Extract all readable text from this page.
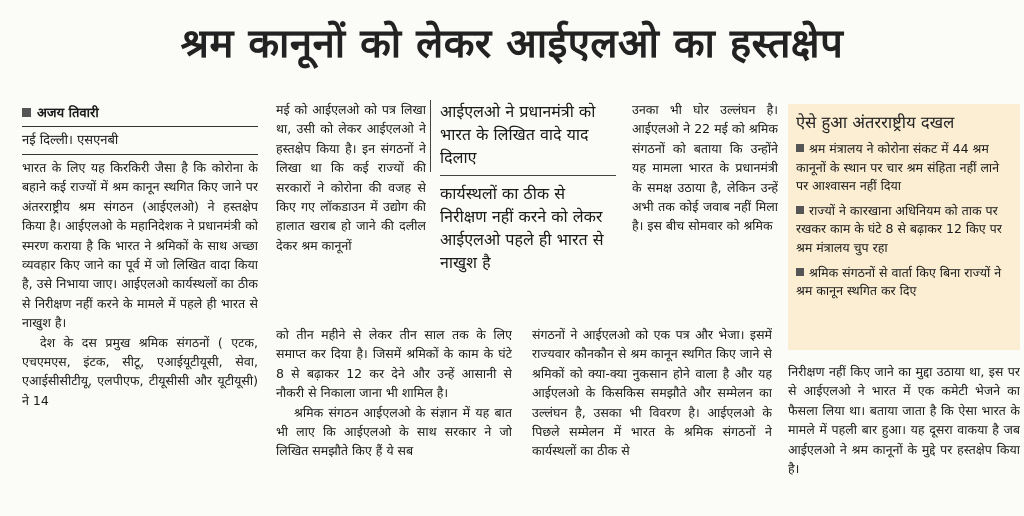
श्रम कानूनों को लेकर आईएलओ का हस्तक्षेप
अजय तिवारी
नई दिल्ली। एसएनबी

भारत के लिए यह किरकिरी जैसा है कि कोरोना के बहाने कई राज्यों में श्रम कानून स्थगित किए जाने पर अंतरराष्ट्रीय श्रम संगठन (आईएलओ) ने हस्तक्षेप किया है। आईएलओ के महानिदेशक ने प्रधानमंत्री को स्मरण कराया है कि भारत ने श्रमिकों के साथ अच्छा व्यवहार किए जाने का पूर्व में जो लिखित वादा किया है, उसे निभाया जाए। आईएलओ कार्यस्थलों का ठीक से निरीक्षण नहीं करने के मामले में पहले ही भारत से नाखुश है।

देश के दस प्रमुख श्रमिक संगठनों ( एटक, एचएमएस, इंटक, सीटू, एआईयूटीयूसी, सेवा, एआईसीसीटीयू, एलपीएफ, टीयूसीसी और यूटीयूसी) ने 14

मई को आईएलओ को पत्र लिखा था, उसी को लेकर आईएलओ ने हस्तक्षेप किया है। इन संगठनों ने लिखा था कि कई राज्यों की सरकारों ने कोरोना की वजह से किए गए लॉकडाउन में उद्योग की हालात खराब हो जाने की दलील देकर श्रम कानूनों

आईएलओ ने प्रधानमंत्री को भारत के लिखित वादे याद दिलाए
कार्यस्थलों का ठीक से निरीक्षण नहीं करने को लेकर आईएलओ पहले ही भारत से नाखुश है

को तीन महीने से लेकर तीन साल तक के लिए समाप्त कर दिया है। जिसमें श्रमिकों के काम के घंटे 8 से बढ़ाकर 12 कर देने और उन्हें आसानी से नौकरी से निकाला जाना भी शामिल है।

श्रमिक संगठन आईएलओ के संज्ञान में यह बात भी लाए कि आईएलओ के साथ सरकार ने जो लिखित समझौते किए हैं ये सब

उनका भी घोर उल्लंघन है। आईएलओ ने 22 मई को श्रमिक संगठनों को बताया कि उन्होंने यह मामला भारत के प्रधानमंत्री के समक्ष उठाया है, लेकिन उन्हें अभी तक कोई जवाब नहीं मिला है। इस बीच सोमवार को श्रमिक

संगठनों ने आईएलओ को एक पत्र और भेजा। इसमें राज्यवार कौनकौन से श्रम कानून स्थगित किए जाने से श्रमिकों को क्या-क्या नुकसान होने वाला है और यह आईएलओ के किसकिस समझौते और सम्मेलन का उल्लंघन है, उसका भी विवरण है। आईएलओ के पिछले सम्मेलन में भारत के श्रमिक संगठनों ने कार्यस्थलों का ठीक से

ऐसे हुआ अंतरराष्ट्रीय दखल
श्रम मंत्रालय ने कोरोना संकट में 44 श्रम कानूनों के स्थान पर चार श्रम संहिता नहीं लाने पर आश्वासन नहीं दिया
राज्यों ने कारखाना अधिनियम को ताक पर रखकर काम के घंटे 8 से बढ़ाकर 12 किए पर श्रम मंत्रालय चुप रहा
श्रमिक संगठनों से वार्ता किए बिना राज्यों ने श्रम कानून स्थगित कर दिए

निरीक्षण नहीं किए जाने का मुद्दा उठाया था, इस पर से आईएलओ ने भारत में एक कमेटी भेजने का फैसला लिया था। बताया जाता है कि ऐसा भारत के मामले में पहली बार हुआ। यह दूसरा वाकया है जब आईएलओ ने श्रम कानूनों के मुद्दे पर हस्तक्षेप किया है।
